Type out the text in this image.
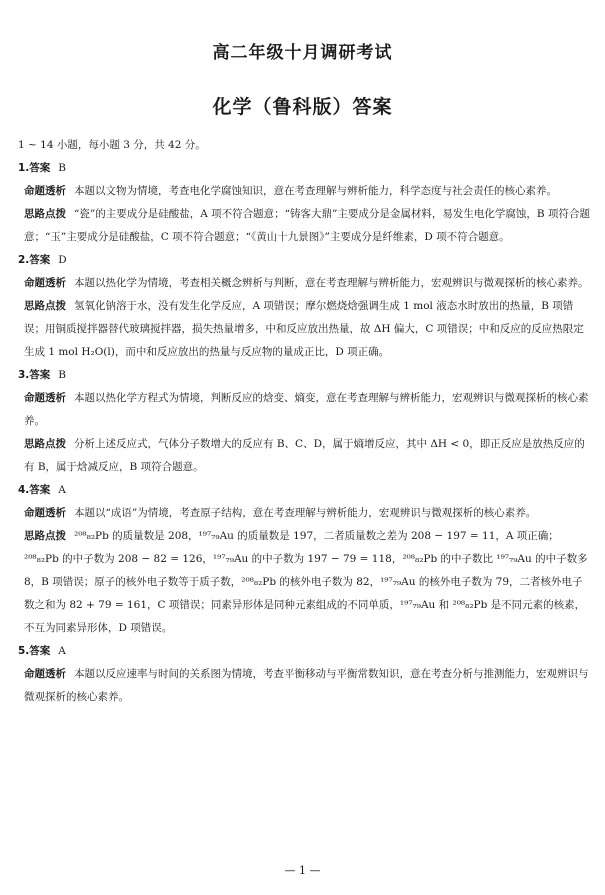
高二年级十月调研考试
化学（鲁科版）答案

1 ~ 14 小题，每小题 3 分，共 42 分。

1.答案 B

命题透析 本题以文物为情境，考查电化学腐蚀知识，意在考查理解与辨析能力，科学态度与社会责任的核心素养。

思路点拨 “瓷”的主要成分是硅酸盐，A 项不符合题意；“铸客大鼎”主要成分是金属材料，易发生电化学腐蚀，B 项符合题意；“玉”主要成分是硅酸盐，C 项不符合题意；“《黄山十九景图》”主要成分是纤维素，D 项不符合题意。

2.答案 D

命题透析 本题以热化学为情境，考查相关概念辨析与判断，意在考查理解与辨析能力，宏观辨识与微观探析的核心素养。

思路点拨 氢氧化钠溶于水，没有发生化学反应，A 项错误；摩尔燃烧焓强调生成 1 mol 液态水时放出的热量，B 项错误；用铜质搅拌器替代玻璃搅拌器，损失热量增多，中和反应放出热量，故 ΔH 偏大，C 项错误；中和反应的反应热限定生成 1 mol H₂O(l)，而中和反应放出的热量与反应物的量成正比，D 项正确。

3.答案 B

命题透析 本题以热化学方程式为情境，判断反应的焓变、熵变，意在考查理解与辨析能力，宏观辨识与微观探析的核心素养。

思路点拨 分析上述反应式，气体分子数增大的反应有 B、C、D，属于熵增反应，其中 ΔH < 0，即正反应是放热反应的有 B，属于焓减反应，B 项符合题意。

4.答案 A

命题透析 本题以“成语”为情境，考查原子结构，意在考查理解与辨析能力，宏观辨识与微观探析的核心素养。

思路点拨 ²⁰⁸₈₂Pb 的质量数是 208，¹⁹⁷₇₉Au 的质量数是 197，二者质量数之差为 208 − 197 = 11，A 项正确；²⁰⁸₈₂Pb 的中子数为 208 − 82 = 126，¹⁹⁷₇₉Au 的中子数为 197 − 79 = 118，²⁰⁸₈₂Pb 的中子数比 ¹⁹⁷₇₉Au 的中子数多 8，B 项错误；原子的核外电子数等于质子数，²⁰⁸₈₂Pb 的核外电子数为 82，¹⁹⁷₇₉Au 的核外电子数为 79，二者核外电子数之和为 82 + 79 = 161，C 项错误；同素异形体是同种元素组成的不同单质，¹⁹⁷₇₉Au 和 ²⁰⁸₈₂Pb 是不同元素的核素，不互为同素异形体，D 项错误。

5.答案 A

命题透析 本题以反应速率与时间的关系图为情境，考查平衡移动与平衡常数知识，意在考查分析与推测能力，宏观辨识与微观探析的核心素养。

— 1 —
